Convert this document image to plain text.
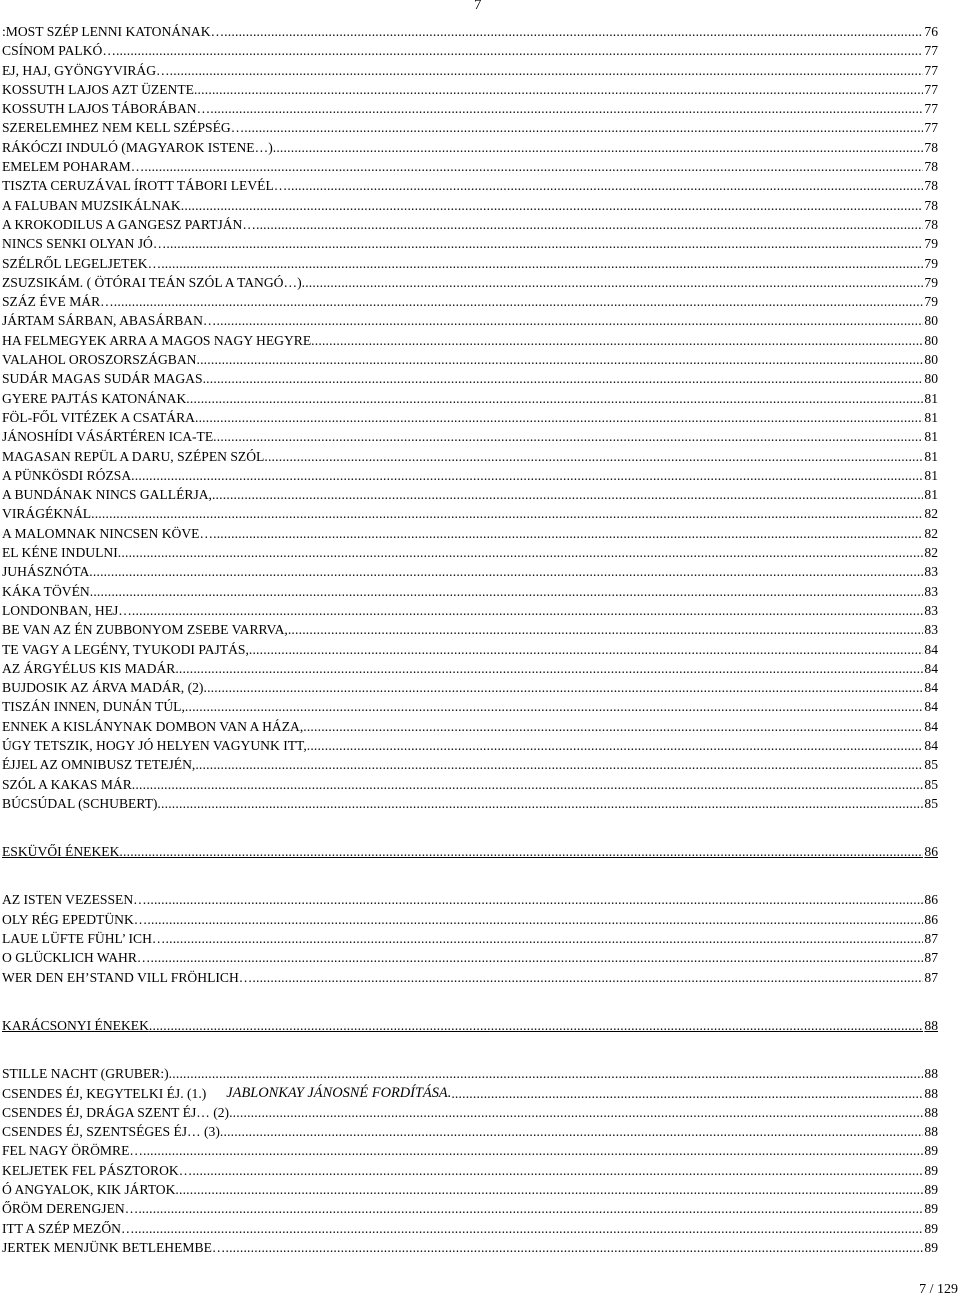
7
:MOST SZÉP LENNI KATONÁNAK… .....	76
CSÍNOM PALKÓ… .....	77
EJ, HAJ, GYÖNGYVIRÁG… .....	77
KOSSUTH LAJOS AZT ÜZENTE .....	77
KOSSUTH LAJOS TÁBORÁBAN… .....	77
SZERELEMHEZ NEM KELL SZÉPSÉG… .....	77
RÁKÓCZI INDULÓ (MAGYAROK ISTENE…) .....	78
EMELEM POHARAM… .....	78
TISZTA CERUZÁVAL ÍROTT TÁBORI LEVÉL… .....	78
A FALUBAN MUZSIKÁLNAK .....	78
A KROKODILUS A GANGESZ PARTJÁN… .....	78
NINCS SENKI OLYAN JÓ… .....	79
SZÉLRŐL LEGELJETEK… .....	79
ZSUZSIKÁM. ( ÖTÓRAI TEÁN SZÓL A TANGÓ…) .....	79
SZÁZ ÉVE MÁR… .....	79
JÁRTAM SÁRBAN, ABASÁRBAN… .....	80
HA FELMEGYEK ARRA A MAGOS NAGY HEGYRE .....	80
VALAHOL OROSZORSZÁGBAN .....	80
SUDÁR MAGAS SUDÁR MAGAS .....	80
GYERE PAJTÁS KATONÁNAK .....	81
FÖL-FŐL VITÉZEK A CSATÁRA .....	81
JÁNOSHÍDI VÁSÁRTÉREN ICA-TE .....	81
MAGASAN REPÜL A DARU, SZÉPEN SZÓL .....	81
A PÜNKÖSDI RÓZSA .....	81
A BUNDÁNAK NINCS GALLÉRJA, .....	81
VIRÁGÉKNÁL .....	82
A MALOMNAK NINCSEN KÖVE… .....	82
EL KÉNE INDULNI .....	82
JUHÁSZNÓTA .....	83
KÁKA TÖVÉN .....	83
LONDONBAN, HEJ… .....	83
BE VAN AZ ÉN ZUBBONYOM ZSEBE VARRVA, .....	83
TE VAGY A LEGÉNY, TYUKODI PAJTÁS, .....	84
AZ ÁRGYÉLUS KIS MADÁR .....	84
BUJDOSIK AZ ÁRVA MADÁR, (2) .....	84
TISZÁN INNEN, DUNÁN TÚL, .....	84
ENNEK A KISLÁNYNAK DOMBON VAN A HÁZA, .....	84
ÚGY TETSZIK, HOGY JÓ HELYEN VAGYUNK ITT, .....	84
ÉJJEL AZ OMNIBUSZ TETEJÉN, .....	85
SZÓL A KAKAS MÁR .....	85
BÚCSÚDAL (SCHUBERT) .....	85
ESKÜVŐI ÉNEKEK .....	86
AZ ISTEN VEZESSEN… .....	86
OLY RÉG EPEDTÜNK… .....	86
LAUE LÜFTE FÜHL’ ICH… .....	87
O GLÜCKLICH WAHR… .....	87
WER DEN EH’STAND VILL FRÖHLICH… .....	87
KARÁCSONYI ÉNEKEK .....	88
STILLE NACHT (GRUBER:) .....	88
CSENDES ÉJ, KEGYTELKI ÉJ. (1.) JABLONKAY JÁNOSNÉ FORDÍTÁSA. .....	88
CSENDES ÉJ, DRÁGA SZENT ÉJ… (2) .....	88
CSENDES ÉJ, SZENTSÉGES ÉJ… (3) .....	88
FEL NAGY ÖRÖMRE… .....	89
KELJETEK FEL PÁSZTOROK… .....	89
Ó ANGYALOK, KIK JÁRTOK .....	89
ŐRÖM DERENGJEN… .....	89
ITT A SZÉP MEZŐN… .....	89
JERTEK MENJÜNK BETLEHEMBE… .....	89
7 / 129
